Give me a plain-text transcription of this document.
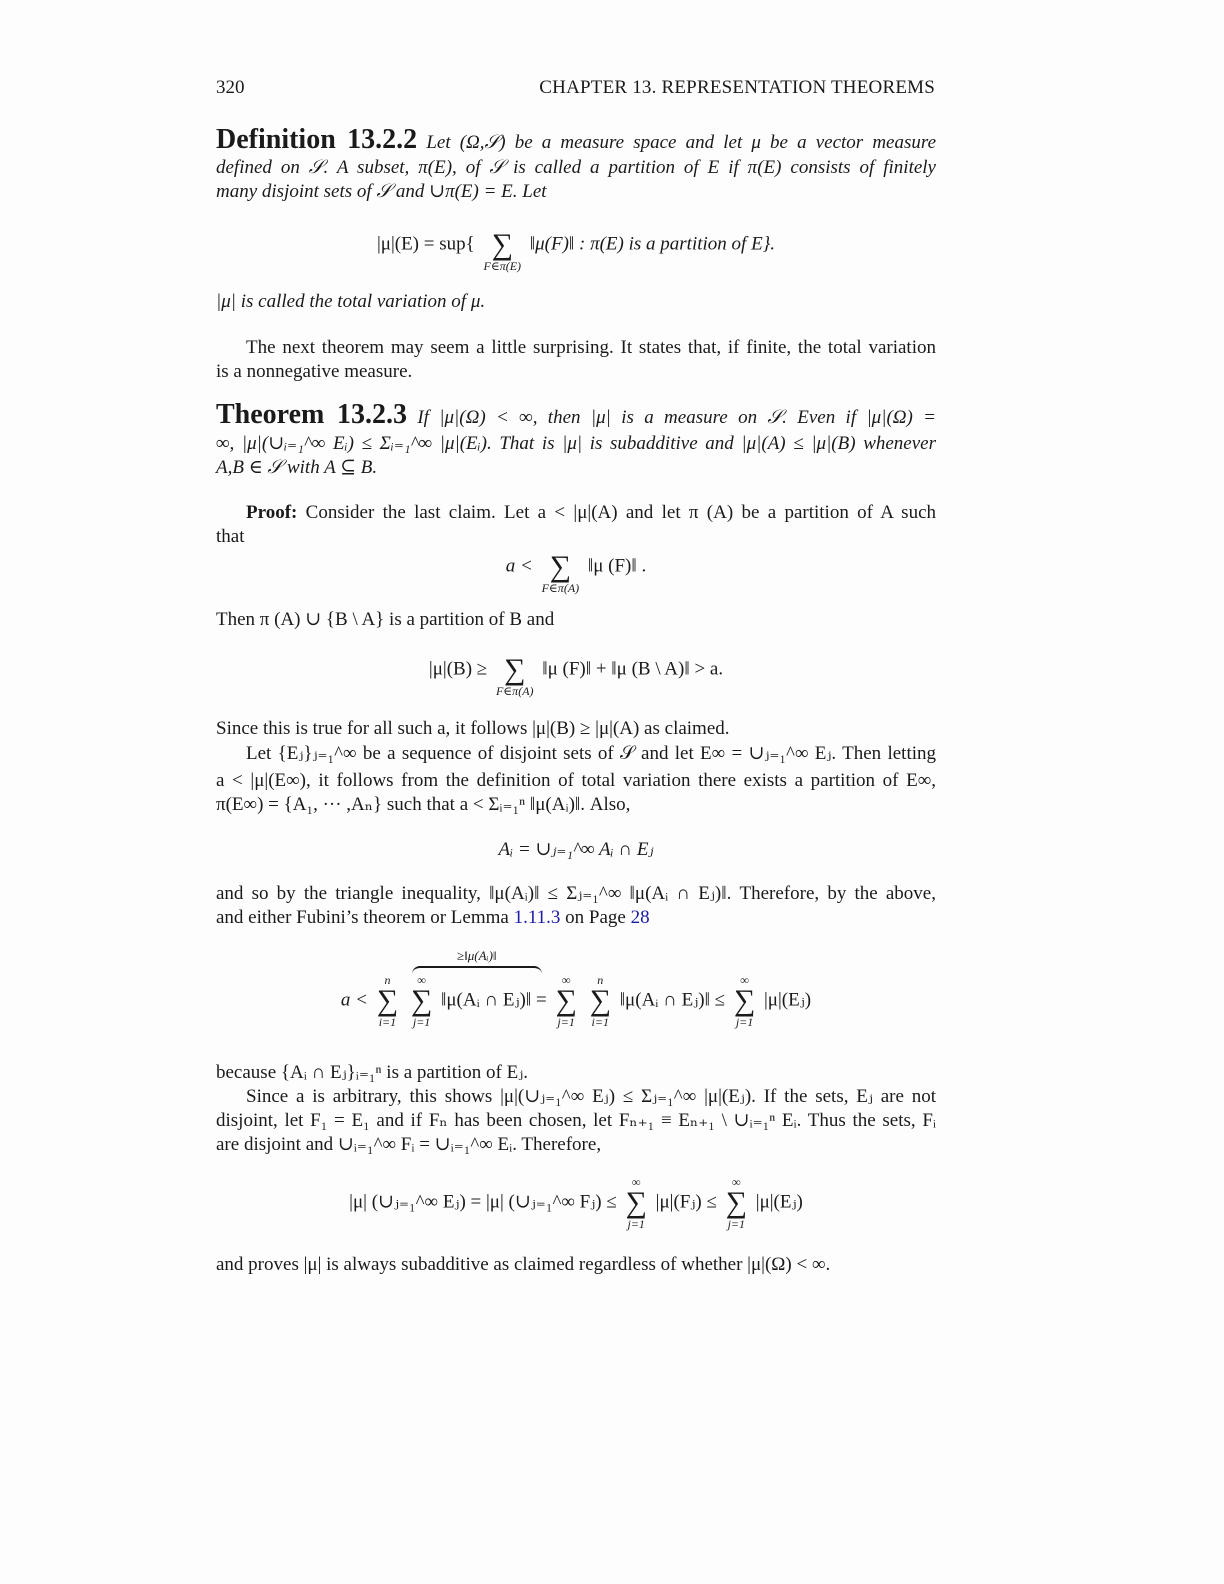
320	CHAPTER 13. REPRESENTATION THEOREMS
Definition 13.2.2 Let (Ω,𝒮) be a measure space and let μ be a vector measure
defined on 𝒮. A subset, π(E), of 𝒮 is called a partition of E if π(E) consists of finitely
many disjoint sets of 𝒮 and ∪π(E) = E. Let
|μ|(E) = sup{
∑
F∈π(E)
‖μ(F)‖ : π(E) is a partition of E}.
|μ| is called the total variation of μ.
The next theorem may seem a little surprising. It states that, if finite, the total variation
is a nonnegative measure.
Theorem 13.2.3 If |μ|(Ω) < ∞, then |μ| is a measure on 𝒮. Even if |μ|(Ω) =
∞, |μ|(∪ᵢ₌₁^∞ Eᵢ) ≤ Σᵢ₌₁^∞ |μ|(Eᵢ). That is |μ| is subadditive and |μ|(A) ≤ |μ|(B) whenever
A,B ∈ 𝒮 with A ⊆ B.
Proof: Consider the last claim. Let a < |μ|(A) and let π (A) be a partition of A such
that
a <
∑
F∈π(A)
‖μ (F)‖ .
Then π (A) ∪ {B \ A} is a partition of B and
|μ|(B) ≥
∑
F∈π(A)
‖μ (F)‖ + ‖μ (B \ A)‖ > a.
Since this is true for all such a, it follows |μ|(B) ≥ |μ|(A) as claimed.
Let {Eⱼ}ⱼ₌₁^∞ be a sequence of disjoint sets of 𝒮 and let E∞ = ∪ⱼ₌₁^∞ Eⱼ. Then letting
a < |μ|(E∞), it follows from the definition of total variation there exists a partition of E∞,
π(E∞) = {A₁, ··· ,Aₙ} such that a < Σᵢ₌₁ⁿ ‖μ(Aᵢ)‖. Also,
Aᵢ = ∪ⱼ₌₁^∞ Aᵢ ∩ Eⱼ
and so by the triangle inequality, ‖μ(Aᵢ)‖ ≤ Σⱼ₌₁^∞ ‖μ(Aᵢ ∩ Eⱼ)‖. Therefore, by the above,
and either Fubini’s theorem or Lemma 1.11.3 on Page 28
a <
n
∑
i=1

≥‖μ(Aᵢ)‖
∞
∑
j=1
‖μ(Aᵢ ∩ Eⱼ)‖ =
∞
∑
j=1

n
∑
i=1
‖μ(Aᵢ ∩ Eⱼ)‖ ≤
∞
∑
j=1
|μ|(Eⱼ)
because {Aᵢ ∩ Eⱼ}ᵢ₌₁ⁿ is a partition of Eⱼ.
Since a is arbitrary, this shows |μ|(∪ⱼ₌₁^∞ Eⱼ) ≤ Σⱼ₌₁^∞ |μ|(Eⱼ). If the sets, Eⱼ are not
disjoint, let F₁ = E₁ and if Fₙ has been chosen, let Fₙ₊₁ ≡ Eₙ₊₁ \ ∪ᵢ₌₁ⁿ Eᵢ. Thus the sets, Fᵢ
are disjoint and ∪ᵢ₌₁^∞ Fᵢ = ∪ᵢ₌₁^∞ Eᵢ. Therefore,
|μ| (∪ⱼ₌₁^∞ Eⱼ) = |μ| (∪ⱼ₌₁^∞ Fⱼ) ≤
∞
∑
j=1
|μ|(Fⱼ) ≤
∞
∑
j=1
|μ|(Eⱼ)
and proves |μ| is always subadditive as claimed regardless of whether |μ|(Ω) < ∞.
